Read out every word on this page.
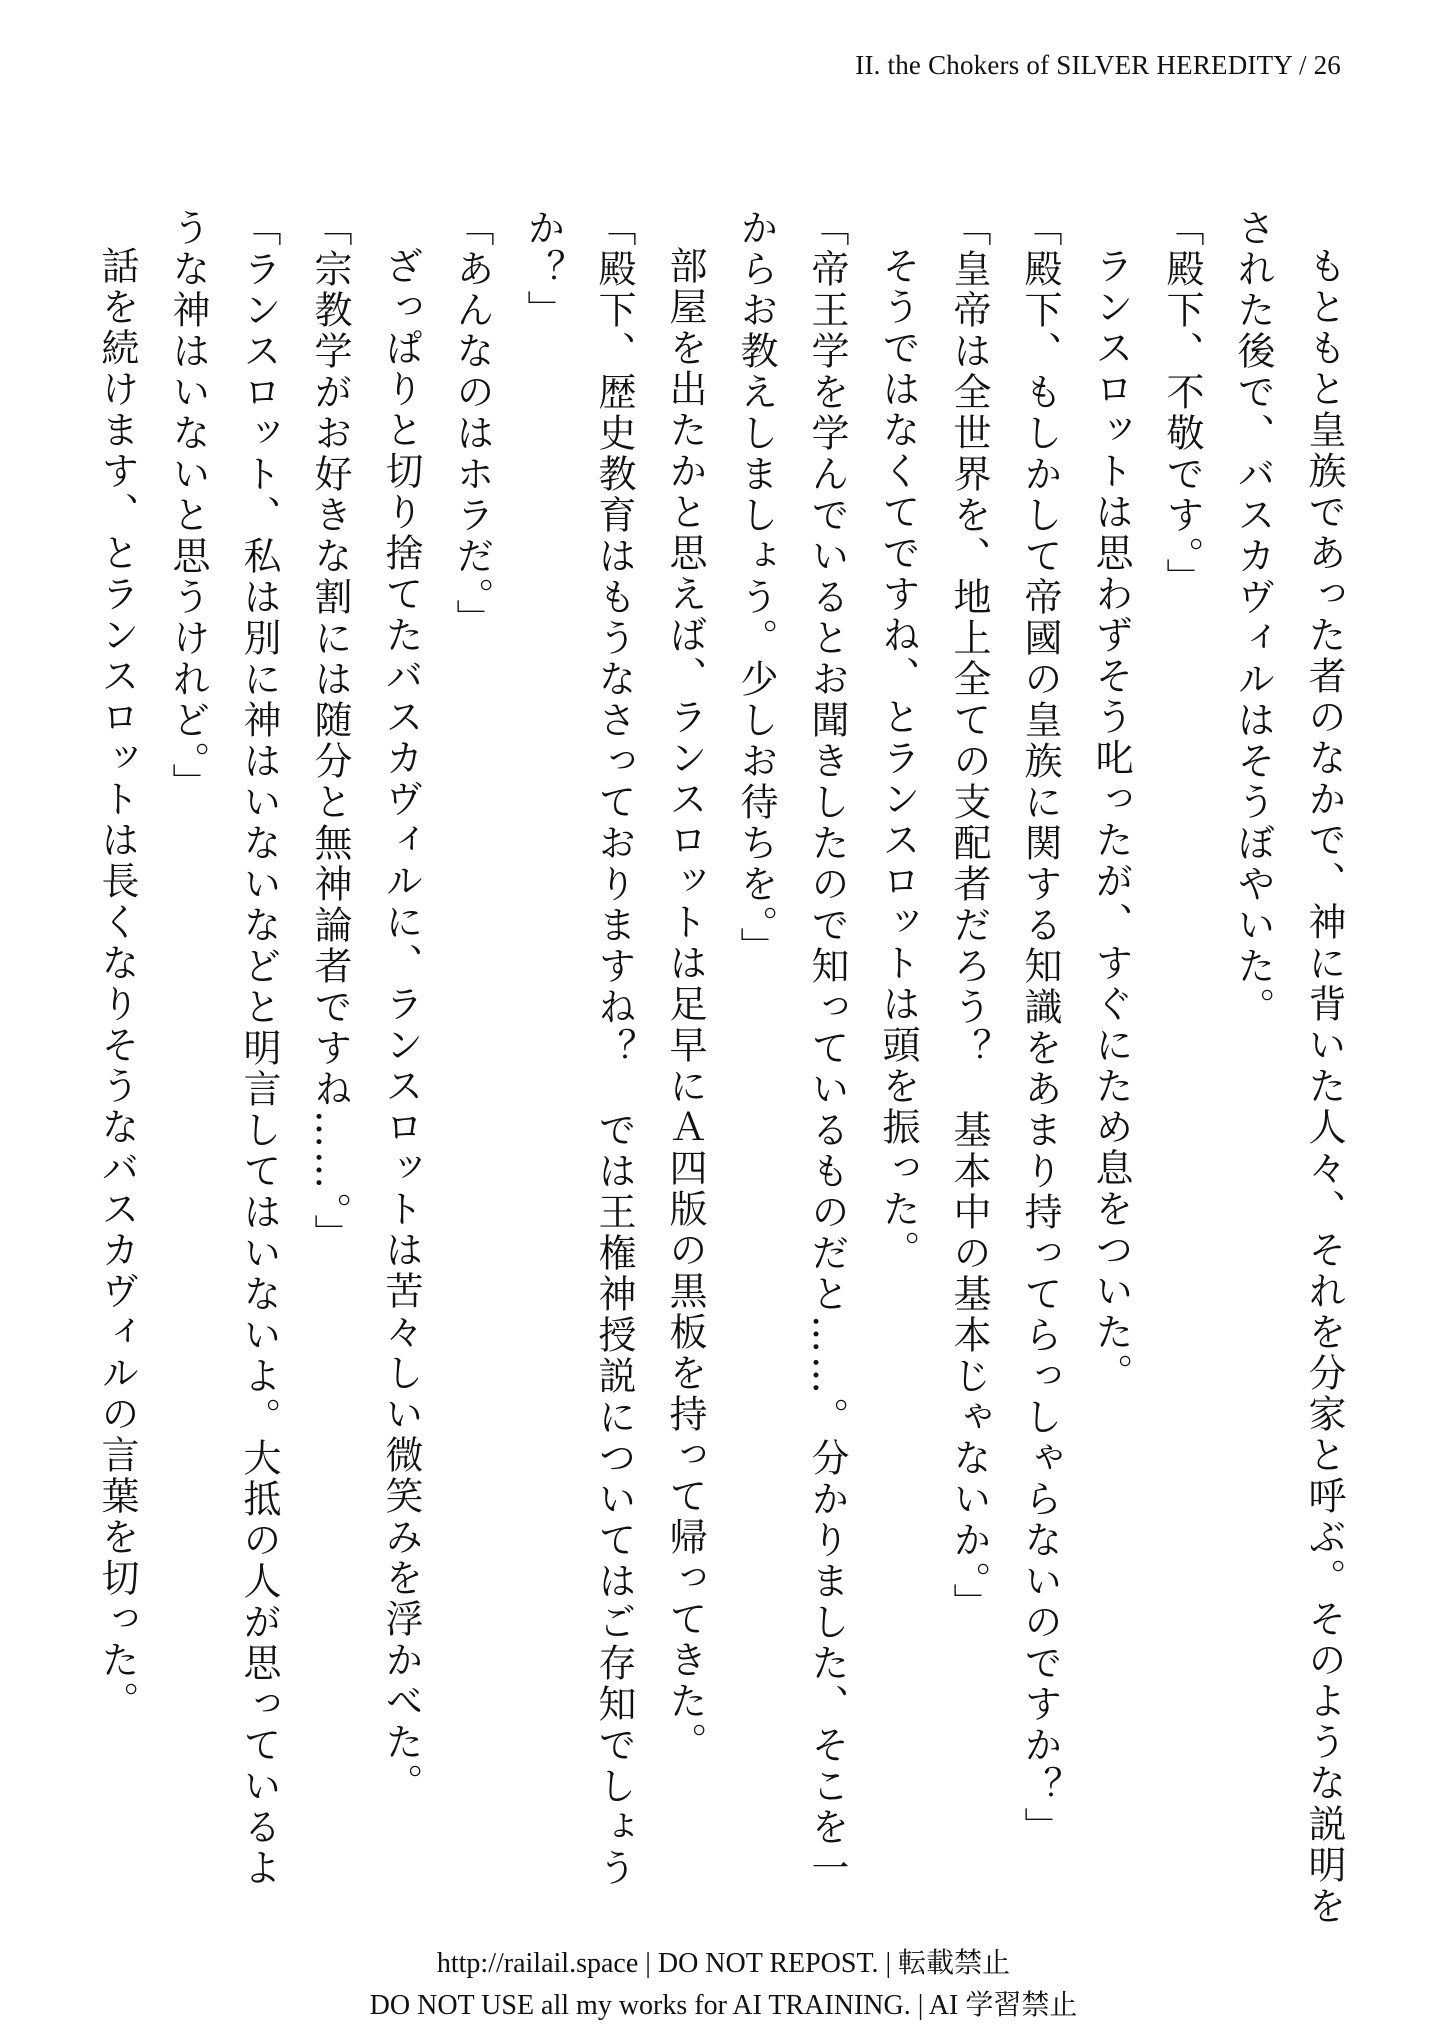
II. the Chokers of SILVER HEREDITY / 26

もともと皇族であった者のなかで、神に背いた人々、それを分家と呼ぶ。そのような説明をされた後で、バスカヴィルはそうぼやいた。

「殿下、不敬です。」

ランスロットは思わずそう叱ったが、すぐにため息をついた。

「殿下、もしかして帝國の皇族に関する知識をあまり持ってらっしゃらないのですか？」

「皇帝は全世界を、地上全ての支配者だろう？　基本中の基本じゃないか。」

そうではなくてですね、とランスロットは頭を振った。

「帝王学を学んでいるとお聞きしたので知っているものだと……。分かりました、そこを一からお教えしましょう。少しお待ちを。」

部屋を出たかと思えば、ランスロットは足早にＡ四版の黒板を持って帰ってきた。

「殿下、歴史教育はもうなさっておりますね？　では王権神授説についてはご存知でしょうか？」

「あんなのはホラだ。」

ざっぱりと切り捨てたバスカヴィルに、ランスロットは苦々しい微笑みを浮かべた。

「宗教学がお好きな割には随分と無神論者ですね……。」

「ランスロット、私は別に神はいないなどと明言してはいないよ。大抵の人が思っているような神はいないと思うけれど。」

話を続けます、とランスロットは長くなりそうなバスカヴィルの言葉を切った。

http://railail.space | DO NOT REPOST. | 転載禁止
DO NOT USE all my works for AI TRAINING. | AI 学習禁止
